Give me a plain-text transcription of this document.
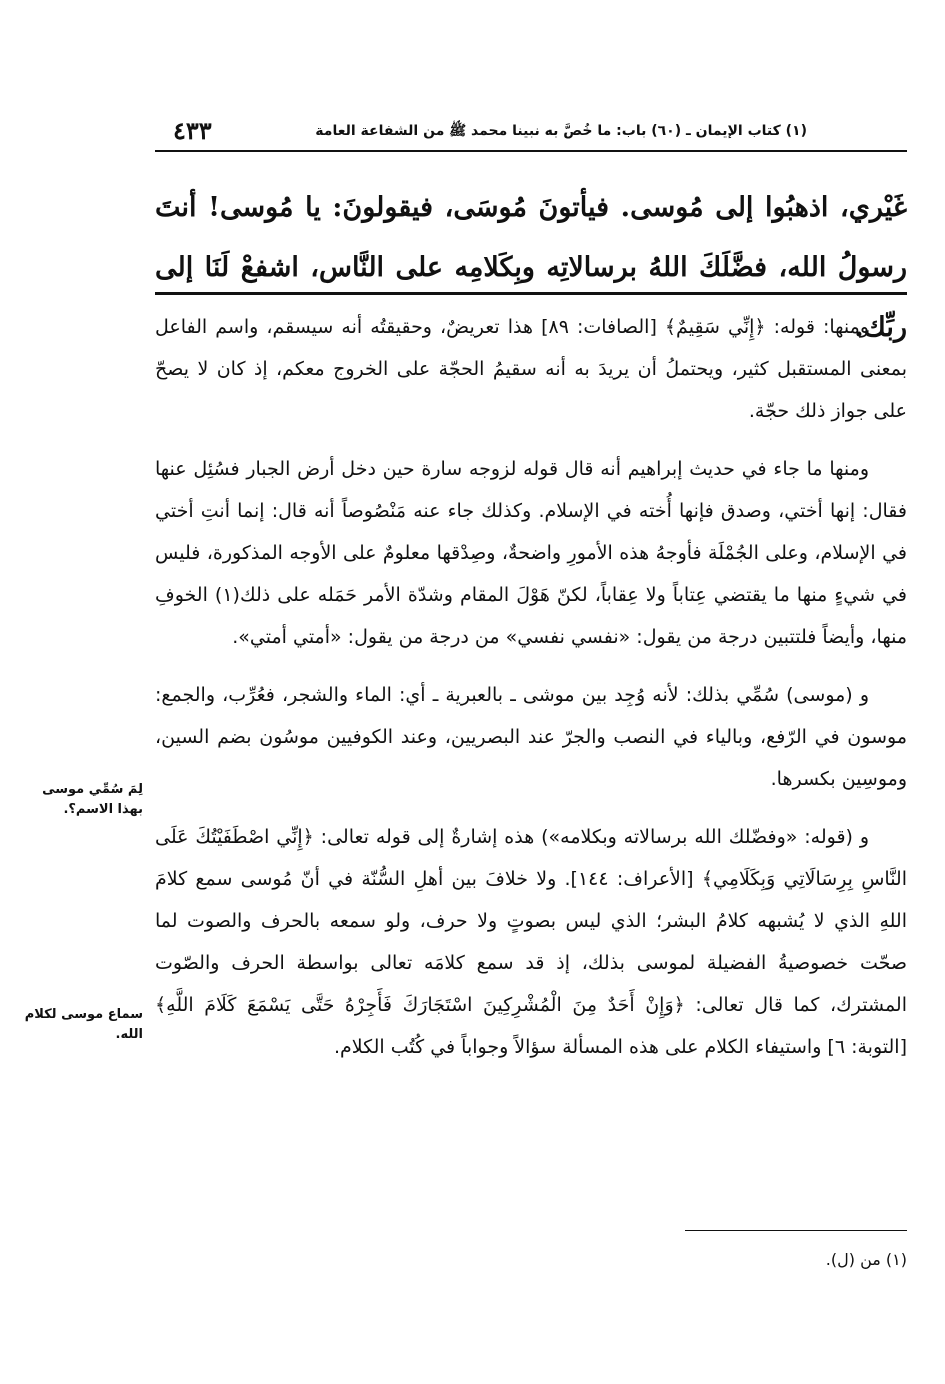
٤٣٣	(١) كتاب الإيمان ـ (٦٠) باب: ما خُصَّ به نبينا محمد ﷺ من الشفاعة العامة

غَيْري، اذهبُوا إلى مُوسى. فيأتونَ مُوسَى، فيقولونَ: يا مُوسى! أنتَ رسولُ الله، فضَّلَكَ اللهُ برسالاتِه وبِكَلامِه على النَّاس، اشفعْ لَنَا إلى ربِّك.

ومنها: قوله: ﴿إِنِّي سَقِيمٌ﴾ [الصافات: ٨٩] هذا تعريضٌ، وحقيقتُه أنه سيسقم، واسم الفاعل بمعنى المستقبل كثير، ويحتملُ أن يريدَ به أنه سقيمُ الحجّة على الخروج معكم، إذ كان لا يصحّ على جواز ذلك حجّة.

ومنها ما جاء في حديث إبراهيم أنه قال قوله لزوجه سارة حين دخل أرض الجبار فسُئِل عنها فقال: إنها أختي، وصدق فإنها أُخته في الإسلام. وكذلك جاء عنه مَنْصُوصاً أنه قال: إنما أنتِ أختي في الإسلام، وعلى الجُمْلَة فأوجهُ هذه الأمورِ واضحةٌ، وصِدْقها معلومٌ على الأوجه المذكورة، فليس في شيءٍ منها ما يقتضي عِتاباً ولا عِقاباً، لكنّ هَوْلَ المقام وشدّة الأمر حَمَله على ذلك(١) الخوفِ منها، وأيضاً فلتتبين درجة من يقول: «نفسي نفسي» من درجة من يقول: «أمتي أمتي».

و (موسى) سُمِّي بذلك: لأنه وُجِد بين موشى ـ بالعبرية ـ أي: الماء والشجر، فعُرِّب، والجمع: موسون في الرّفع، وبالياء في النصب والجرّ عند البصريين، وعند الكوفيين موسُون بضم السين، وموسِين بكسرها.

و (قوله: «وفضّلك الله برسالاته وبكلامه») هذه إشارةٌ إلى قوله تعالى: ﴿إِنِّي اصْطَفَيْتُكَ عَلَى النَّاسِ بِرِسَالَاتِي وَبِكَلَامِي﴾ [الأعراف: ١٤٤]. ولا خلافَ بين أهلِ السُّنّة في أنّ مُوسى سمع كلامَ اللهِ الذي لا يُشبهه كلامُ البشر؛ الذي ليس بصوتٍ ولا حرف، ولو سمعه بالحرف والصوت لما صحّت خصوصيةُ الفضيلة لموسى بذلك، إذ قد سمع كلامَه تعالى بواسطة الحرف والصّوت المشترك، كما قال تعالى: ﴿وَإِنْ أَحَدٌ مِنَ الْمُشْرِكِينَ اسْتَجَارَكَ فَأَجِرْهُ حَتَّى يَسْمَعَ كَلَامَ اللَّهِ﴾ [التوبة: ٦] واستيفاء الكلام على هذه المسألة سؤالاً وجواباً في كُتُب الكلام.

لِمَ سُمِّي موسى بهذا الاسم؟.
سماع موسى لكلام الله.
(١) من (ل).
